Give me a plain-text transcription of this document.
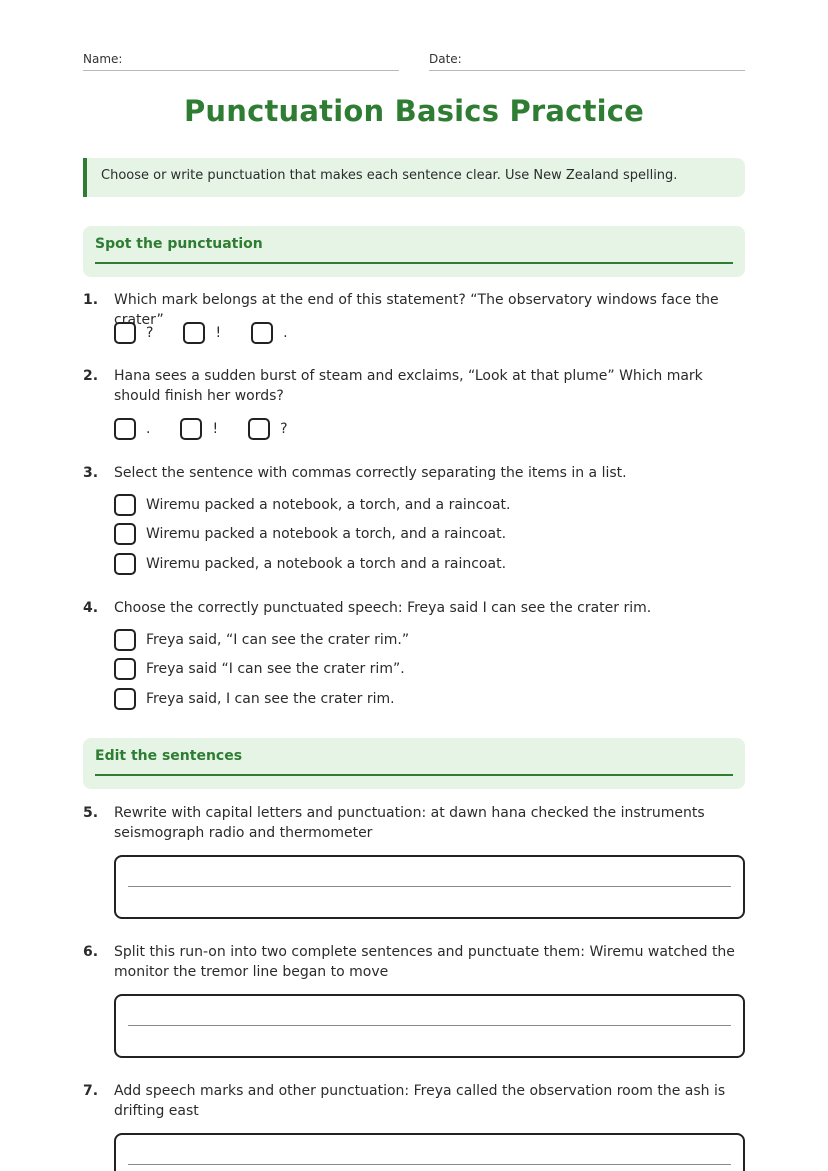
Name:	Date:
Punctuation Basics Practice
Choose or write punctuation that makes each sentence clear. Use New Zealand spelling.
Spot the punctuation
1. Which mark belongs at the end of this statement? “The observatory windows face the crater”
?	!	.
2. Hana sees a sudden burst of steam and exclaims, “Look at that plume” Which mark should finish her words?
.	!	?
3. Select the sentence with commas correctly separating the items in a list.
Wiremu packed a notebook, a torch, and a raincoat.
Wiremu packed a notebook a torch, and a raincoat.
Wiremu packed, a notebook a torch and a raincoat.
4. Choose the correctly punctuated speech: Freya said I can see the crater rim.
Freya said, “I can see the crater rim.”
Freya said “I can see the crater rim”.
Freya said, I can see the crater rim.
Edit the sentences
5. Rewrite with capital letters and punctuation: at dawn hana checked the instruments seismograph radio and thermometer
6. Split this run-on into two complete sentences and punctuate them: Wiremu watched the monitor the tremor line began to move
7. Add speech marks and other punctuation: Freya called the observation room the ash is drifting east
